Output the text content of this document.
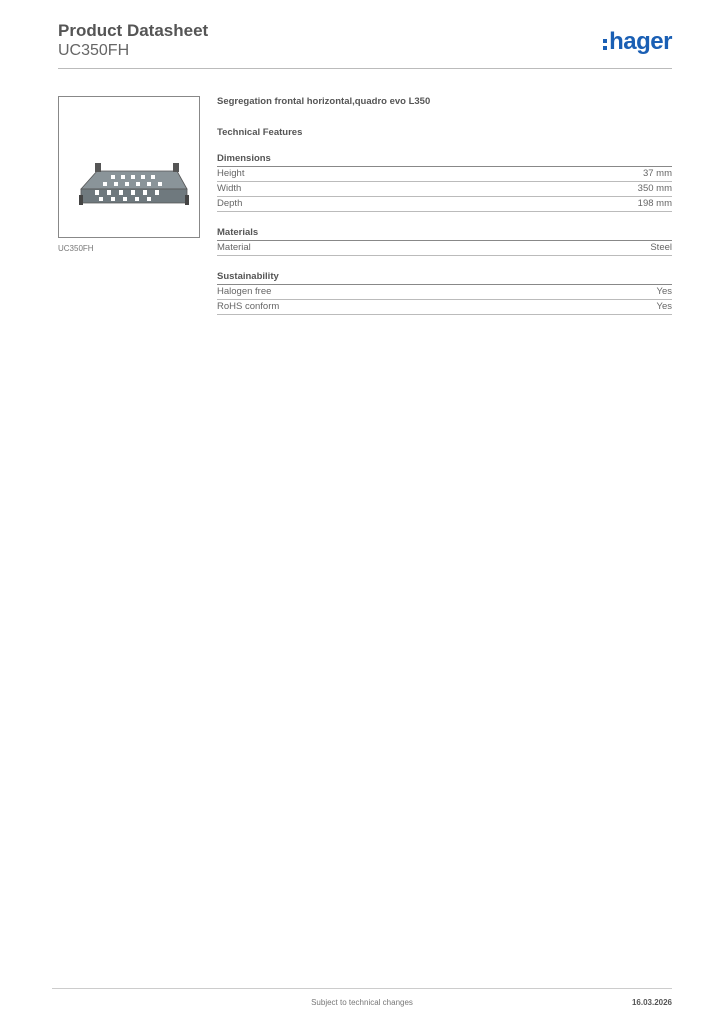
Product Datasheet
UC350FH	hager
UC350FH
Segregation frontal horizontal,quadro evo L350
Technical Features
Dimensions
Height	37 mm
Width	350 mm
Depth	198 mm
Materials
Material	Steel
Sustainability
Halogen free	Yes
RoHS conform	Yes
Subject to technical changes	16.03.2026
